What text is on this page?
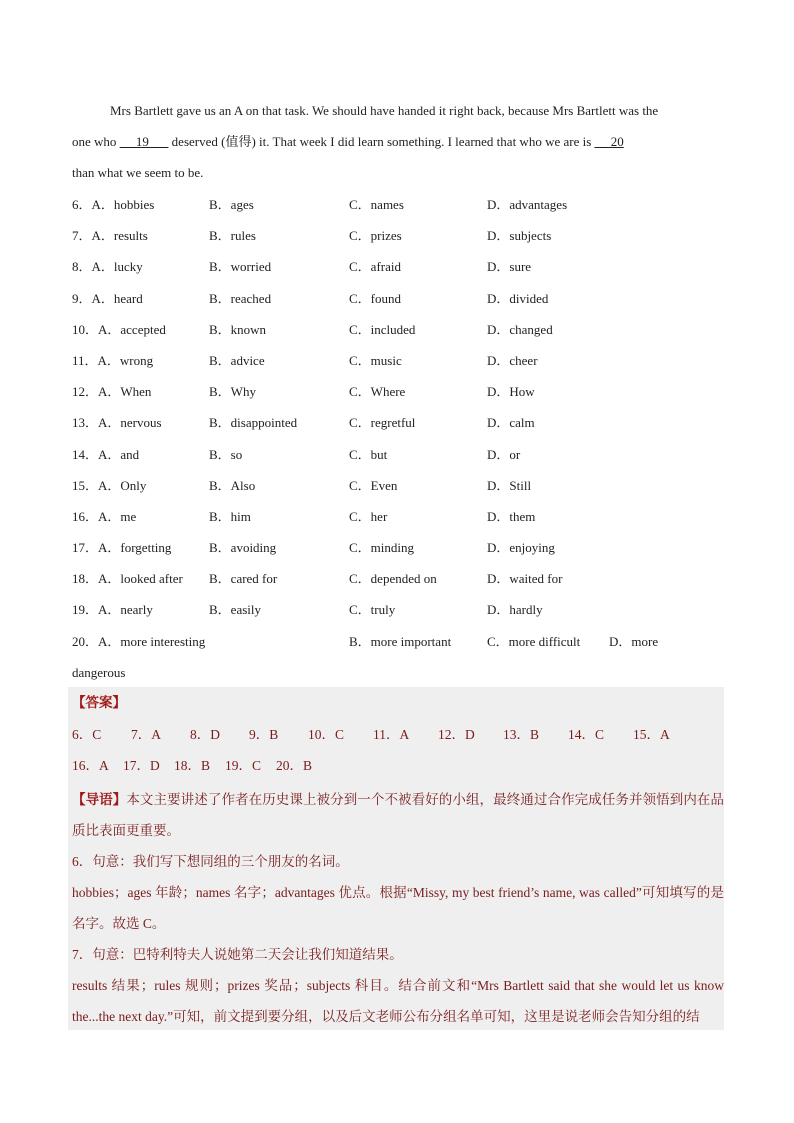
Mrs Bartlett gave us an A on that task. We should have handed it right back, because Mrs Bartlett was the
one who      19       deserved (值得) it. That week I did learn something. I learned that who we are is      20
than what we seem to be.
6．A．hobbies	B．ages	C．names	D．advantages
7．A．results	B．rules	C．prizes	D．subjects
8．A．lucky	B．worried	C．afraid	D．sure
9．A．heard	B．reached	C．found	D．divided
10．A．accepted	B．known	C．included	D．changed
11．A．wrong	B．advice	C．music	D．cheer
12．A．When	B．Why	C．Where	D．How
13．A．nervous	B．disappointed	C．regretful	D．calm
14．A．and	B．so	C．but	D．or
15．A．Only	B．Also	C．Even	D．Still
16．A．me	B．him	C．her	D．them
17．A．forgetting	B．avoiding	C．minding	D．enjoying
18．A．looked after B．cared for	C．depended on	D．waited for
19．A．nearly	B．easily	C．truly	D．hardly
20．A．more interesting	B．more important	C．more difficult D．more
dangerous
【答案】
6．C 7．A 8．D 9．B 10．C 11．A 12．D 13．B 14．C 15．A
16．A 17．D 18．B 19．C 20．B
【导语】本文主要讲述了作者在历史课上被分到一个不被看好的小组，最终通过合作完成任务并领悟到内在品质比表面更重要。
6．句意：我们写下想同组的三个朋友的名词。
hobbies；ages 年龄；names 名字；advantages 优点。根据“Missy, my best friend’s name, was called”可知填写的是名字。故选 C。
7．句意：巴特利特夫人说她第二天会让我们知道结果。
results 结果；rules 规则；prizes 奖品；subjects 科目。结合前文和“Mrs Bartlett said that she would let us know the...the next day.”可知，前文提到要分组，以及后文老师公布分组名单可知，这里是说老师会告知分组的结
